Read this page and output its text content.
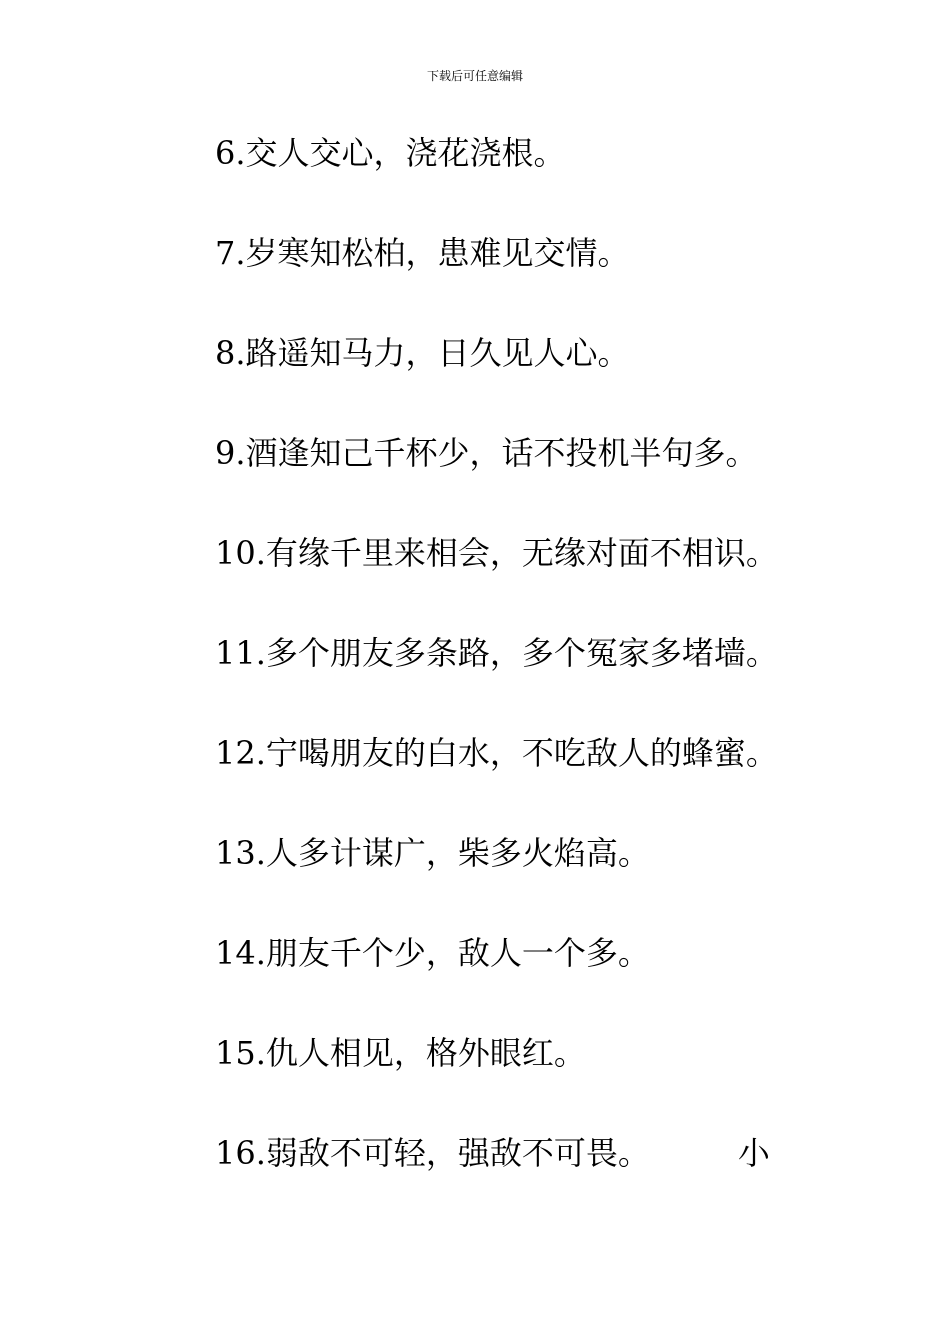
下载后可任意编辑
6.交人交心，浇花浇根。
7.岁寒知松柏，患难见交情。
8.路遥知马力，日久见人心。
9.酒逢知己千杯少，话不投机半句多。
10.有缘千里来相会，无缘对面不相识。
11.多个朋友多条路，多个冤家多堵墙。
12.宁喝朋友的白水，不吃敌人的蜂蜜。
13.人多计谋广，柴多火焰高。
14.朋友千个少，敌人一个多。
15.仇人相见，格外眼红。
16.弱敌不可轻，强敌不可畏。	小
